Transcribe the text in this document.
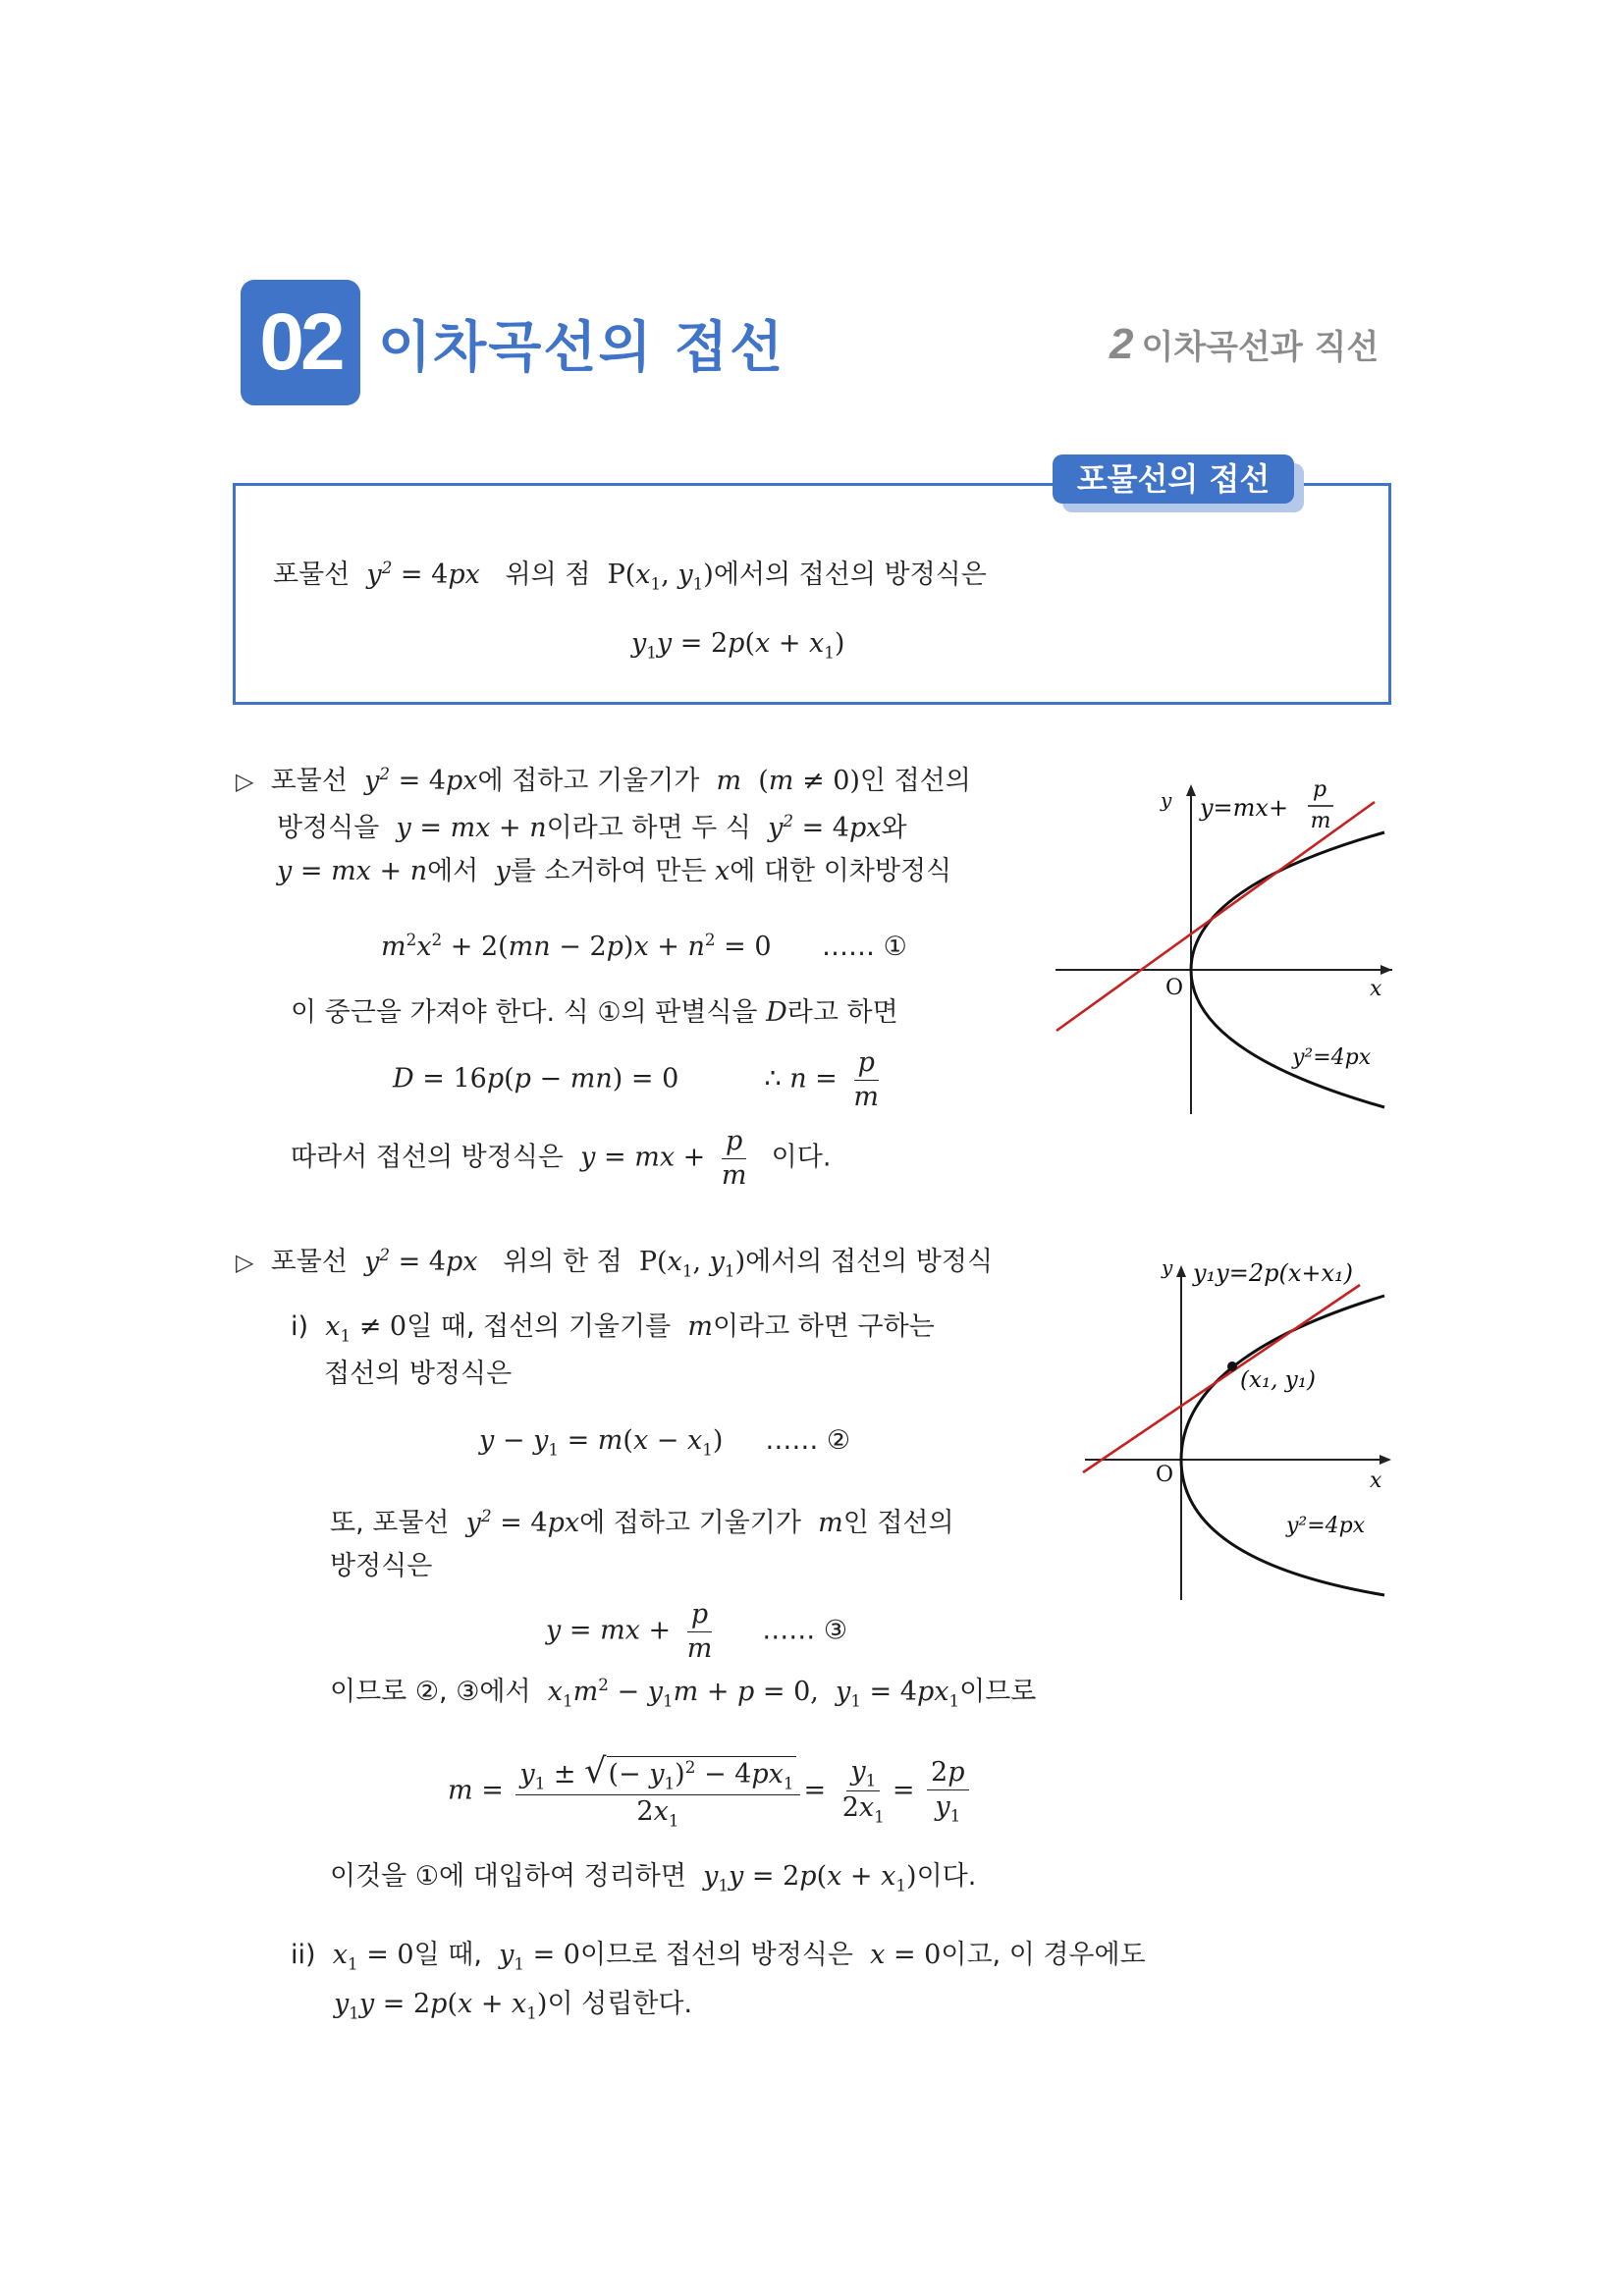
02 이차곡선의 접선	2 이차곡선과 직선
포물선의 접선
포물선 $y^2 = 4px$ 위의 점 $P(x_1$, $y_1$)에서의 접선의 방정식은
$y_1y = 2p(x + x_1)$
▷ 포물선 $y^2 = 4px$에 접하고 기울기가 m (m ≠ 0)인 접선의
방정식을 y = mx + n이라고 하면 두 식 $y^2 = 4px$와
y = mx + n에서 y를 소거하여 만든 x에 대한 이차방정식
$m^2x^2 + 2(mn - 2p)x + n^2 = 0$ …… ①
이 중근을 가져야 한다. 식 ①의 판별식을 D라고 하면
D = 16p(p − mn) = 0	∴ $n = \frac{p}{m}$
따라서 접선의 방정식은 y = mx + $\frac{p}{m}$ 이다.
y y=mx+
p
m
O	x
y²=4px
▷ 포물선 $y^2 = 4px$ 위의 한 점 $P(x_1$, $y_1$)에서의 접선의 방정식
i) $x_1 \ne 0$일 때, 접선의 기울기를 m이라고 하면 구하는
접선의 방정식은
$y - y_1 = m(x - x_1)$ …… ②
또, 포물선 $y^2 = 4px$에 접하고 기울기가 m인 접선의
방정식은
y = mx + $\frac{p}{m}$ …… ③
이므로 ②, ③에서 $x_1m^2 - y_1m + p = 0$,  $y_1 = 4px_1$이므로
$m = \frac{y_1 \pm √(- y_1)^2 - 4px_1}{2x_1} = \frac{y_1}{2x_1} = \frac{2p}{y_1}$
이것을 ①에 대입하여 정리하면 $y_1y = 2p(x + x_1)$이다.
ii) $x_1 = 0$일 때, $y_1 = 0$이므로 접선의 방정식은 x = 0이고, 이 경우에도
$y_1y = 2p(x + x_1)$이 성립한다.
y y₁y=2p(x+x₁)
(x₁, y₁)
O	x
y²=4px
